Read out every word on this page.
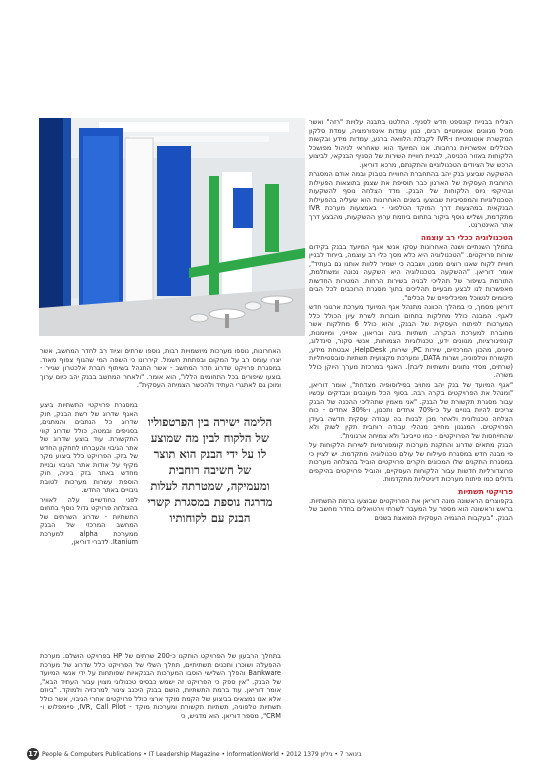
הצליח בבניית קונספט חדש לסניף. החלטנו בתבנה עלויות "רזה" ואשר מכיל מגוונים אוטומטיים רבים, כגון עמדות אינפורמציה, עמדת סלקון המקשרת אוטומטיית ו-IVR לקבלת הלוואה ברגע, עמדות מידע ובקשות הכוללים אפשרויות נרחבות. אנו המיועד הוא שאחראי לניהול מפושכל הלקוחות באזור הכניסה, לבניית חוויית השירות של הסניף הבנקאי, לביצוע הרכש של הציודים הטכנולוגיים והתקנתם, מרכא דוריאן.

ההשקעה שביצע בנק יהב בהתחברת החוויית בטבוק ובמה אודם המסגרת הרוחבית העסקית של הארגון כבר תוסיפת את שצמן בתוצאות הפעילות ובהיקפי ניוס הלקוחות של הבנק. מדד הצלחה נוסף להשקעות הטכנולוגיות והמפסיביות שבוצעו בשנים האחרונות הוא שעליה בהפעילות הבנקאית במהצעות דרך המוקד הטלפוני - באמצעות מערכת IVR מתקדמת, ושליש נוסף ביקור בתחום ביוזמת ערוץ ההשקעות, מהבצע דרך אתר האינטרנט.

הטכנולוגיה ככלי רב עוצמה

בתמלך השנתיים ושנה האחרונות עסקו אנשי אגף המיועד בבנק בקידום שורות פרויקטים. "הטכנולוגיה היא כלא מסך כלי רב עוצמה, בייחוד לבניין חוויית לקוח שאנו רוצים ממנו, ושבבה כי ישמיר ללוות אותנו גם בעתיד", אומר דוריאן. "ההשקעה בטכנולוגיה היא השקעה נכונה ומשתלמת, התורמת בשיפור של תהליכי לבניה בשירות הרחות. המטרות החדשות מאפשרות לנו לבצע מבעיים תהליכים בתוך מסגרת הרוכבים לכל הבים פיכומים לנשוכל מפיכליפיים של הכלים".

דוריאן מסמך, כי במהלך הכוונה מתנהל אגף המיועד מערכת ארגוני חדש לאגף. המבנה כולל מחלקות בתחום חוברות לשרת עיון הכולל כלל המערכות לפיתוח העסקית של הבנק, והוא כולל 6 מחלקות אשר מחוברת למערכת הבקרה. תשתיות בינה ובריאון, אפייני, ומיומנות, קונפיגורציות, מגוונים ידע, טכנולוגיות הצמוחות, אנשי סקור, סינדלוג, סיונים, מהכון המרכזיים, שירות PC, שירות, HelpDesk, אבטחת מידע, תקשורת וטלפוניה, ושרות DATA, ומערכת מקצועית תשתיות סובסטיתליות (שרתים, מסדי נתונים ותשתיות ליבת). האגף במרכזת מערך היוקן כולל משרה.

"אגף המיועד של בנק יהב מחויב בפילוסופיה מצדחת", אומר דוריאן, "ומנהל את הפרויקטים בקרה רבה. בסוף הכל מעוגבים ונבדקים עכשיו עבור מסגרת תקשורת של הבנק. "אני מאמין שתהליכי ההכנה של הבנק צריכים להיות בנויים על כ-70% אחדים ותכנון, ו-30% אחדים - כוח הצלחה טכנולוגית ולאחר מכן לבנות בה עבודה עסקית חדשה בעידן הפרויקטים. המנגנון מחייב מנהלי עבודה רוחבית תקין לשוק ולא שהתייחסות של הפרויקטים - כמו טייבינג' ולא צמיחה ארגונית".

הבנק מתאים שדרוג והתקנת מערכות קומפורמיות לשירות הלקוחות על פי מבנה חדש במסגרת פעילות של עולם טכנולוגיה מתקדמת. יש לציין כי במסגרת התקנים שלו המכונים חקרים פרויקטים הוביל בהצלחה מערכות פרוצדורליות חדשות עבור הלקוחות העסקיים, והוביל פרויקטים בהיקפים גדולים כמו פיתוח מערכות דיגיטליות מתקדמות.

פרויקטי תשתיות

בקפוצרים הראשונה מונה דוריאן את הפרויקטים שבוצעו ברמת התשתיות. בראש וראשונה הוא מספר על המעבר לשרתי וירטואלים בחדר מחשב של הבנק. "בעקבות ההגמיה העסקית המואצת בשנים

האחרונות, נוספו מערכות מיושמויות רבות, נוספו שרתים וציוד רב לחדר המחשב, אשר יצרו עומס רב על המקום ובפתחת חשמל. קיררונו כי השפה המי שהגוף צפוף מאוד. במסגרת פרויקט שדרוג חדר המחשב - אשר התנהל בשיתוף חברת אלכטרון שגייר - בוצעו שיפורים בכל התחומים הללו", הוא אומר. "ולאחר המחשב בבנק יהב כיום ערוך ומוכן גם לאתגרי העתיד ולהכשר הצמיחה העסקית".

הלימה ישירה בין הפרטפוליו של הלקוח לבין מה שמוצע לו על ידי הבנק הוא תוצר של חשיבה רוחבית ומעמיקה, שמטרתה לעלות מדרגה נוספת במסגרת קשרי הבנק עם לקוחותיו

במסגרת פרויקטי התשתיות ביצע האגף שדרוג של רשת הבנק, חוק שדרוג כל הנתבים והמתגים, בסניפים ובמטה, כולל שדרוג קווי התקשורת. עוד בוצע שדרוג של אתר הגיבוי והעברתו לתחקון החדש של בזק. הפרויקט כלל ביצוע מקר מקיף על אודות אתר הגיבוי ובניית מחדש באתר בזק ביניה, חוק הוספת עשרות מערכות לטובת גיבויים באתר החדש.

לפני כחודשיים עלה לאוויר בהצלחה פרויקט גדול נוסף בתחום התשתיות - שדרוג השרתים של המחשב המרכזי של הבנק ממערכת alpha למערכת Itanium. לדברי דוריאן,

בתחלך הרבעון של הפרויקט הותקנו כ-200 שרתים של HP בפרויקט הושלם. מערכת ההפעלה ושוכרו ותכנים תשתיתיים, תחלך השלי של הפרויקט כלל שדרוג של מערכת Bankware והפלך השלישי הוסבו המערכות הבנקאיות שפותחות על ידי אנשי המיועד של הבנק. "אין ספק כי הפרויקט זה ישמש כבסיס טכנולוגי מצוין עבור העתיד הבא", אומר דוריאן. עוד ברמת התשתיות, הושם בבנק היכנב צינור למרכזיה ולמוקד. "ביוזם אלא אנו נמצאים בביצוע של הקמת מוקד ארצי כולל פרויקטים אחרי הגיבוי, אשר כולל תשתיות טלפוניה, תשתיות תקשורת ומערכות מוקד - IVR, Call Pilot, סיימפלוש ו-CRM", מספר דוריאן. הוא מדגיש, כי

17 People & Computers Publications • IT Leadership Magazine • InformationWorld • 2012 בינואר 7 • גיליון 1379
